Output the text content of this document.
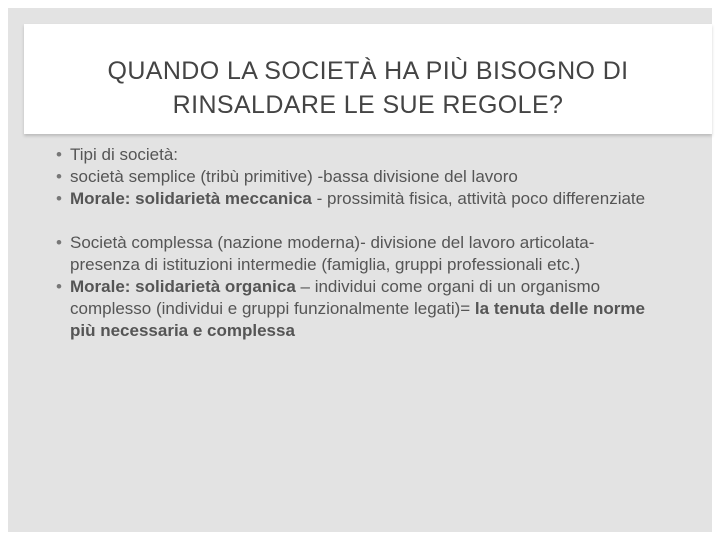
QUANDO LA SOCIETÀ HA PIÙ BISOGNO DI
RINSALDARE LE SUE REGOLE?
• Tipi di società:
• società semplice (tribù primitive) -bassa divisione del lavoro
• Morale: solidarietà meccanica - prossimità fisica, attività poco differenziate
• Società complessa (nazione moderna)- divisione del lavoro articolata- presenza di istituzioni intermedie (famiglia, gruppi professionali etc.)
• Morale: solidarietà organica – individui come organi di un organismo complesso (individui e gruppi funzionalmente legati)= la tenuta delle norme più necessaria e complessa
